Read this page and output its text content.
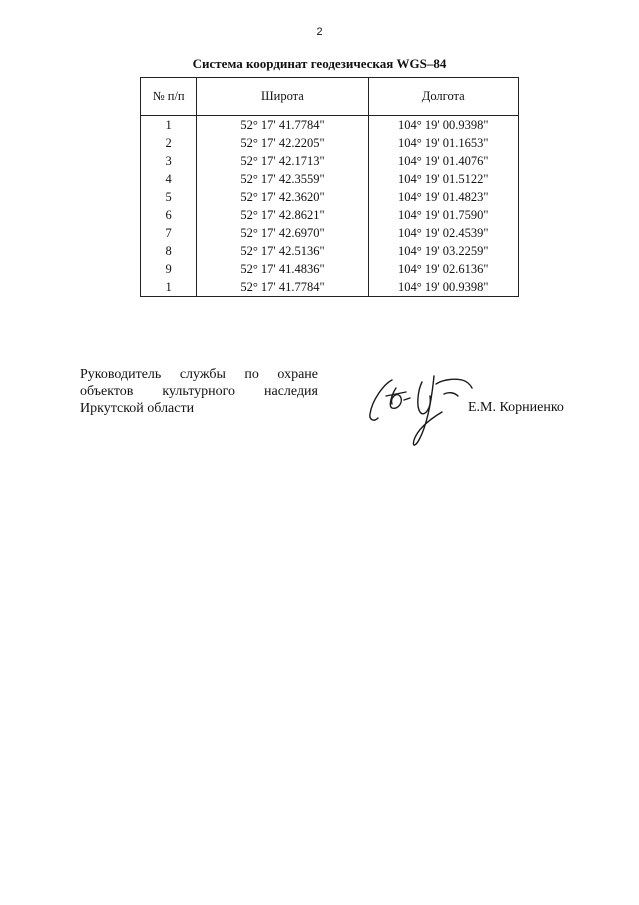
2
Система координат геодезическая WGS–84
№ п/п	Широта	Долгота
1	52° 17' 41.7784"	104° 19' 00.9398"
2	52° 17' 42.2205"	104° 19' 01.1653"
3	52° 17' 42.1713"	104° 19' 01.4076"
4	52° 17' 42.3559"	104° 19' 01.5122"
5	52° 17' 42.3620"	104° 19' 01.4823"
6	52° 17' 42.8621"	104° 19' 01.7590"
7	52° 17' 42.6970"	104° 19' 02.4539"
8	52° 17' 42.5136"	104° 19' 03.2259"
9	52° 17' 41.4836"	104° 19' 02.6136"
1	52° 17' 41.7784"	104° 19' 00.9398"
Руководитель службы по охране
объектов культурного наследия
Иркутской области	Е.М. Корниенко
